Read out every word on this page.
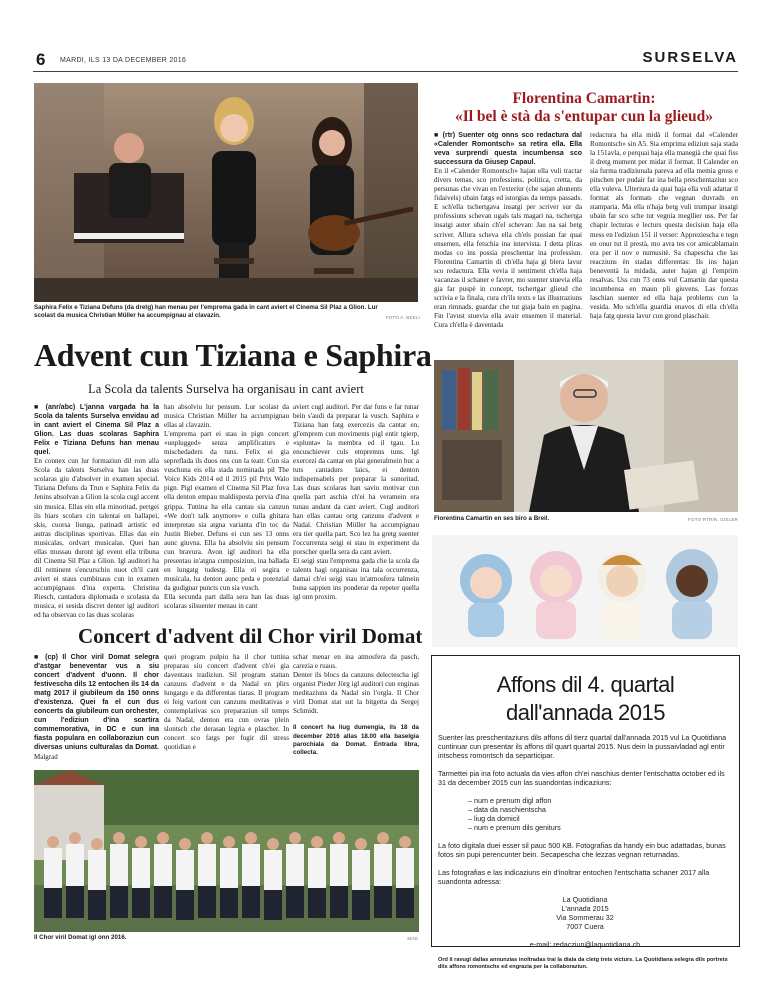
6 MARDI, ILS 13 DA DECEMBER 2016	SURSELVA
Saphira Felix e Tiziana Defuns (da dretg) han menau per l'emprema gada in cant aviert el Cinema Sil Plaz a Glion. Lur scolast da musica Christian Müller ha accumpignau al clavazin.	FOTO A. BEELI
Advent cun Tiziana e Saphira
La Scola da talents Surselva ha organisau in cant aviert

■ (anr/abc) L'janna vargada ha la Scola da talents Surselva envidau ad in cant aviert el Cinema Sil Plaz a Glion. Las duas scolaras Saphira Felix e Tiziana Defuns han menau quel.

En connex cun lur formaziun dil rom alla Scola da talents Surselva han las duas scolaras giu d'absolver in examen special. Tiziana Defuns da Trun e Saphira Felix da Jenins absolvan a Glion la scola cugl accent sin musica. Ellas ein ella minoritad, pertgei ils biars scolars cin talentai en ballapei, skis, cuorsa liunga, patinadi artistic ed autras disciplinas sportivas. Ellas das ein musicalas, ordvart musicalas. Quei han ellas mussau duront igl event ella tribuna dil Cinema Sil Plaz a Glion. Igl auditori ha dil reminent s'encurschiu nuot ch'il cant aviert ei staus cumbinaus cun in examen accumpignaus d'ina experta. Christina Riesch, cantadura diplomada e scolasta da musica, ei sesida discret denter igl auditori ed ha observau co las duas scolaras

han absolviu lur pensum. Lur scolast da musica Christian Müller ha accumpignau ellas al clavazin.
L'emprema part ei stau in pign concert «unplugged» senza amplificaturs e mischedaders da tuns. Felix ei gia sepreflada ils duos ons cun la teatr. Cun sia vuschuna eis ella stada nominada pil The Voice Kids 2014 ed il 2015 pil Prix Walo pign. Pigl examen el Cinema Sil Plaz fuva ella denton empau maldisposta pervia d'ina grippa. Tuttina ha ella cantau sia canzun «We don't talk anymore» e culla ghitara interpretau sia atgna variantа d'in toc da Justin Bieber. Defuns ei cun ses 13 onns aunc giuvna. Ella ha absolviu siu pensum cun bravura. Avon igl auditori ha ella presentau in'atgna cumposiziun, ina ballada en lungatg tudestg. Ella ei segira e musicala, ha denton aunc peda e potenzial da gudignar puncts cun sia vusch.
Ella secunda part dalla sera han las duas scolaras silsuenter menau in cant
aviert cugl auditori. Per dar funs e far tunar bein s'audi da preparar la vusch. Saphira e Tiziana han fatg exercezis da cantar en, gl'emprem cun moviments pigl entir tgierp, «splunta» la membra ed il tgau. Lu encuschiever culs empremns tuns. Igl exercezi da cantar en plai generalmein buc a tuts cantadurs laics, ei denton indispensabels per preparar la sonoritad. Las duas scolaras han saviu motivar cun quella part aschia ch'ei ha veramein era tunau andant da cant aviert. Cugl auditori han ellas cantau ortg canzuns d'advent e Nadal. Christian Müller ha accumpignau era tier quella part. Sco lez ha gretg suenter l'occurrenza seigi ei stau in experiment da porscher quella sera da cant aviert.
Ei seigi stau l'emprema gada che la scola da talents hagi organisau ina tala occurrenza, damai ch'ei seigi stau in'atmosfera talmein buna sappien ins ponderar da repeter quella igl onn proxim.
Florentina Camartin:
«Il bel è stà da s'entupar cun la glieud»

■ (rtr) Suenter otg onns sco redactura dal «Calender Romontsch» sa retira ella. Ella veva surprendi questa incumbensa sco successura da Giusep Capaul.

En il «Calender Romontsch» hajan ella vuli tractar divers temas, sco professiuns, politica, cretta, da persunas che vivan en l'exteriur (che sajan abunents fidaivels) ubain fatgs ed istorgias da temps passads. E sch'ella tschertgava insatgi per scriver sur da professiuns schevan ugals tals magari na, tschertga insatgi auter ubain ch'el schevan: Jau na sai betg scriver. Allura scheva ella ch'els possian far quai ensemen, ella fetschia ina intervista. I detta pliras modas co ins possia preschentar ina professiun. Florentina Camartin di ch'ella haja gì blera lavur sco redactura. Ella vevia il sentiment ch'ella haja vacanzas il schaner e favrer, mo suenter stuevia ella gia far puspè in concept, tschertgar glieud che scrivia e la finala, cura ch'ils texts e las illustraziuns eran rimnads, guardar che tut giaja bain en pagina. Fin l'avust stuevia ella avair ensemen il material. Cura ch'ella è daventada

redactura ha ella midà il format dal «Calender Romontsch» sin A5. Sia emprima ediziun saja stada la 151avla, e perquai haja ella manegià che quai fiss il dretg mument per midar il format. Il Calender en sia furma tradiziunala pareva ad ella memia gross e pitschen per pudair far ina bella preschentaziun sco ella vuleva. Ulteriura da quai haja ella vuli adattar il format als formats che vegnan duvrads en stamparia. Ma ella n'haja betg vuli trumpar insatgi ubain far sco sche tut vegnia megllier uss. Per far chapir lecturas e lecturs questa decisiun haja ella mess en l'ediziun 151 il verser: Appreziescha e tegn en onur tut il prestà, mo avra tes cor amicablamain era per il nov e numusitè. Sa chapescha che las reacziuns èn stadas differentas: Ils ins hajan beneventà la midada, auter hajan gì l'emprim resalvas. Uss cun 73 onns vul Camartin dar questa incumbensa en maun pli giuvens. Las forzas laschian suenter ed ella haja problems cun la vesida. Mo sch'ella guardia enavos di ella ch'ella haja fatg questa lavur cun grond plaschair.
Florentina Camartin en ses biro a Breil.	FOTO RTR/N. GISLER
Concert d'advent dil Chor viril Domat

■ (cp) Il Chor viril Domat selegra d'astgar beneventar vus a siu concert d'advent d'uonn. Il chor festivescha dils 12 entochen ils 14 da matg 2017 il giubileum da 150 onns d'existenza. Quei fa el cun dus concerts da giubileum cun orchester, cun l'ediziun d'ina scartira commemorativa, in DC e cun ina fiasta populara en collaboraziun cun diversas uniuns culturalas da Domat. Malgrad

quei program pulpiu ha il chor tuttina preparau siu concert d'advent ch'ei gia daventaus tradiziun. Sil program stattan canzuns d'advent e da Nadal en plirs lungatgs e da differentas tiaras. Il program ei feig variont cun canzuns meditativas e contemplativas sco preparaziun sil temps da Nadal, denton era cun ovras plein slontsch che derasan legria e plascher. In concert sco fatgs per fugir dil stress quotidian e

schar menar en ina atmosfera da pasch, carezia e ruaus.
Denter ils blocs da canzuns delectescha igl organist Pieder Jörg igl auditori cun enginas meditaziuns da Nadal sin l'orgla. Il Chor viril Domat stat sut la bitgetta da Sergej Schmidt.

Il concert ha liug dumengia, ils 18 da december 2016 allas 18.00 ella baselgia parochiala da Domat. Entrada libra, collecta.

Il Chor viril Domat igl onn 2016.	MAD
Affons dil 4. quartal
dall'annada 2015

Suenter las preschentaziuns dils affons dil tierz quartal dall'annada 2015 vul La Quotidiana cuntinuar cun presentar ils affons dil quart quartal 2015. Nus dein la pussaivladad agl entir intschess romontsch da separticipar.

Tarmettei pia ina foto actuala da vies affon ch'ei naschius denter l'entschatta october ed ils 31 da december 2015 cun las suandontas indicaziuns:

– num e prenum digl affon
– data da naschientscha
– liug da domicil
– num e prenum dils geniturs

La foto digitala duei esser sil pauc 500 KB. Fotografias da handy ein buc adattadas, bunas fotos sin pupi perencunter bein. Secapescha che lezzas vegnan returnadas.

Las fotografias e las indicaziuns ein d'inoltrar entochen l'entschatta schaner 2017 alla suandonta adressa:

La Quotidiana
L'annada 2015
Via Sommerau 32
7007 Cuera
e-mail: redacziun@laquotidiana.ch

Ord il ravugl dallas annunzias inoltradas trai la diala da cletg treis victurs. La Quotidiana selegra dils portrets dils affons romontschs ed engrazia per la collaboraziun.
